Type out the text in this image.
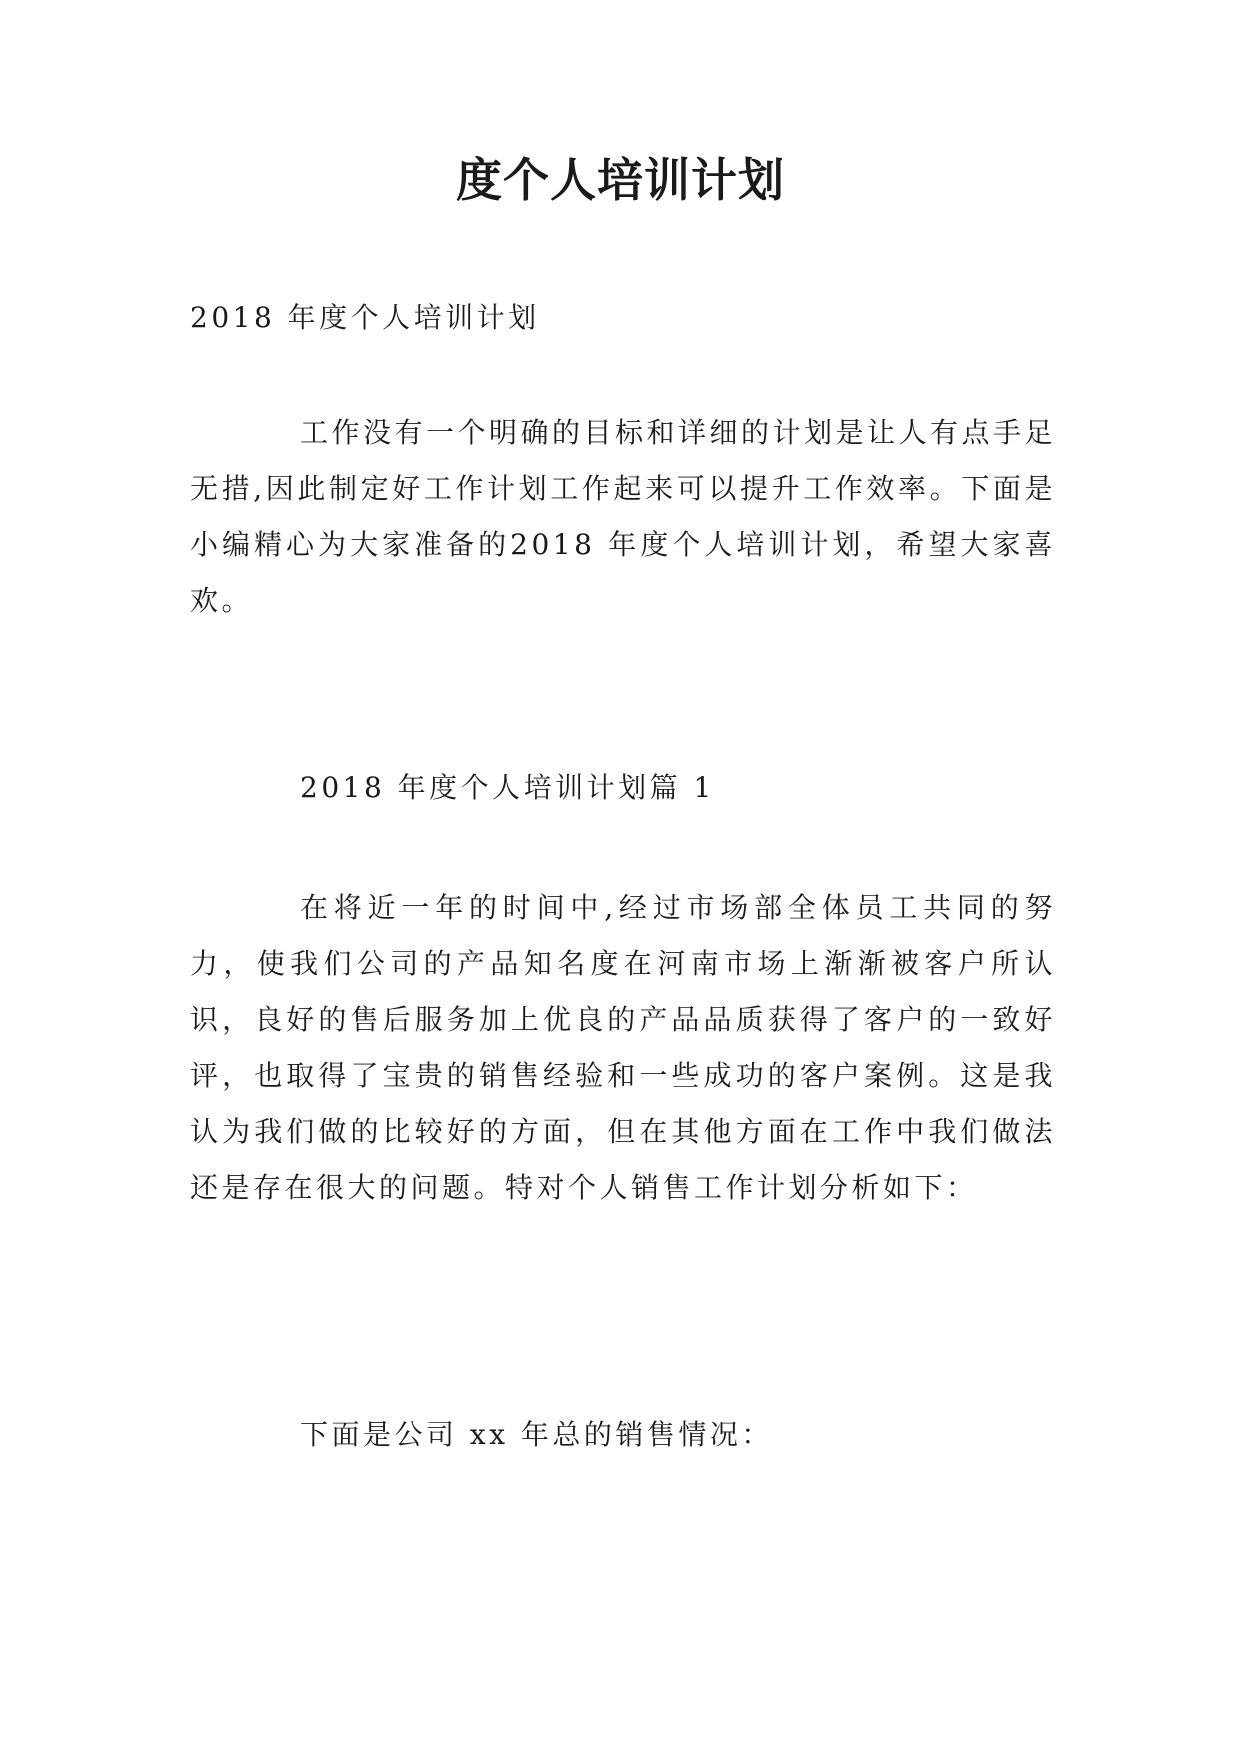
度个人培训计划

2018 年度个人培训计划

工作没有一个明确的目标和详细的计划是让人有点手足无措,因此制定好工作计划工作起来可以提升工作效率。下面是小编精心为大家准备的2018 年度个人培训计划，希望大家喜欢。

2018 年度个人培训计划篇 1

在将近一年的时间中,经过市场部全体员工共同的努力，使我们公司的产品知名度在河南市场上渐渐被客户所认识，良好的售后服务加上优良的产品品质获得了客户的一致好评，也取得了宝贵的销售经验和一些成功的客户案例。这是我认为我们做的比较好的方面，但在其他方面在工作中我们做法还是存在很大的问题。特对个人销售工作计划分析如下：

下面是公司 xx 年总的销售情况：
